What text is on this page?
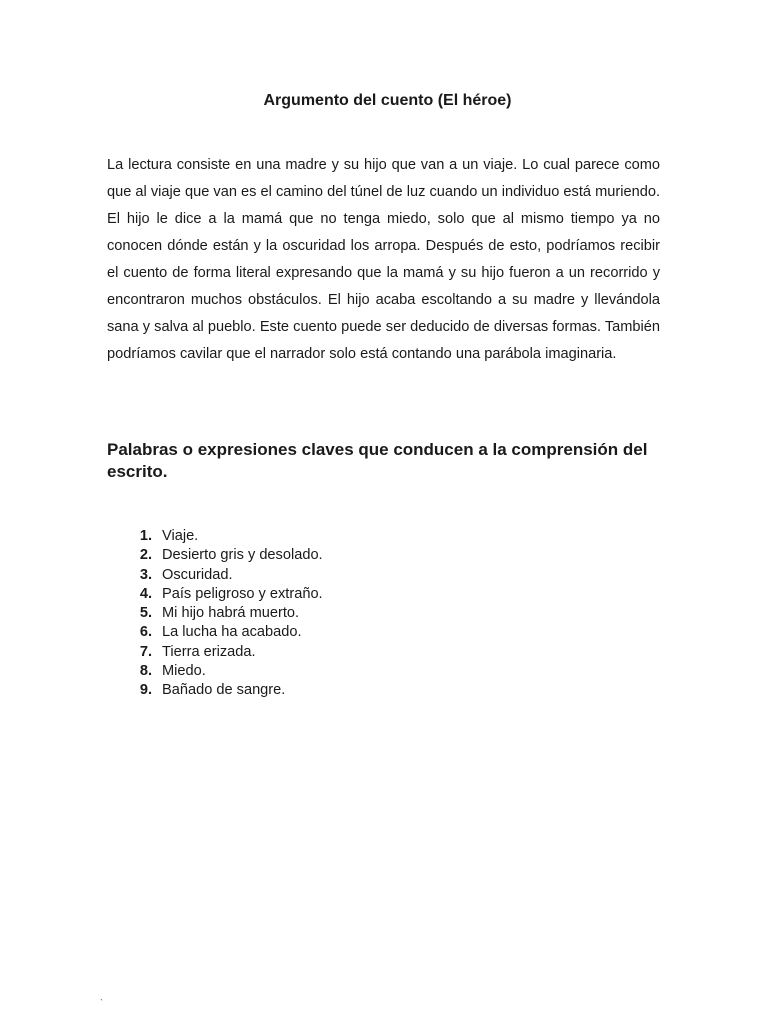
Argumento del cuento (El héroe)

La lectura consiste en una madre y su hijo que van a un viaje. Lo cual parece como que al viaje que van es el camino del túnel de luz cuando un individuo está muriendo. El hijo le dice a la mamá que no tenga miedo, solo que al mismo tiempo ya no conocen dónde están y la oscuridad los arropa. Después de esto, podríamos recibir el cuento de forma literal expresando que la mamá y su hijo fueron a un recorrido y encontraron muchos obstáculos. El hijo acaba escoltando a su madre y llevándola sana y salva al pueblo. Este cuento puede ser deducido de diversas formas. También podríamos cavilar que el narrador solo está contando una parábola imaginaria.

Palabras o expresiones claves que conducen a la comprensión del escrito.
1. Viaje.
2. Desierto gris y desolado.
3. Oscuridad.
4. País peligroso y extraño.
5. Mi hijo habrá muerto.
6. La lucha ha acabado.
7. Tierra erizada.
8. Miedo.
9. Bañado de sangre.
`
